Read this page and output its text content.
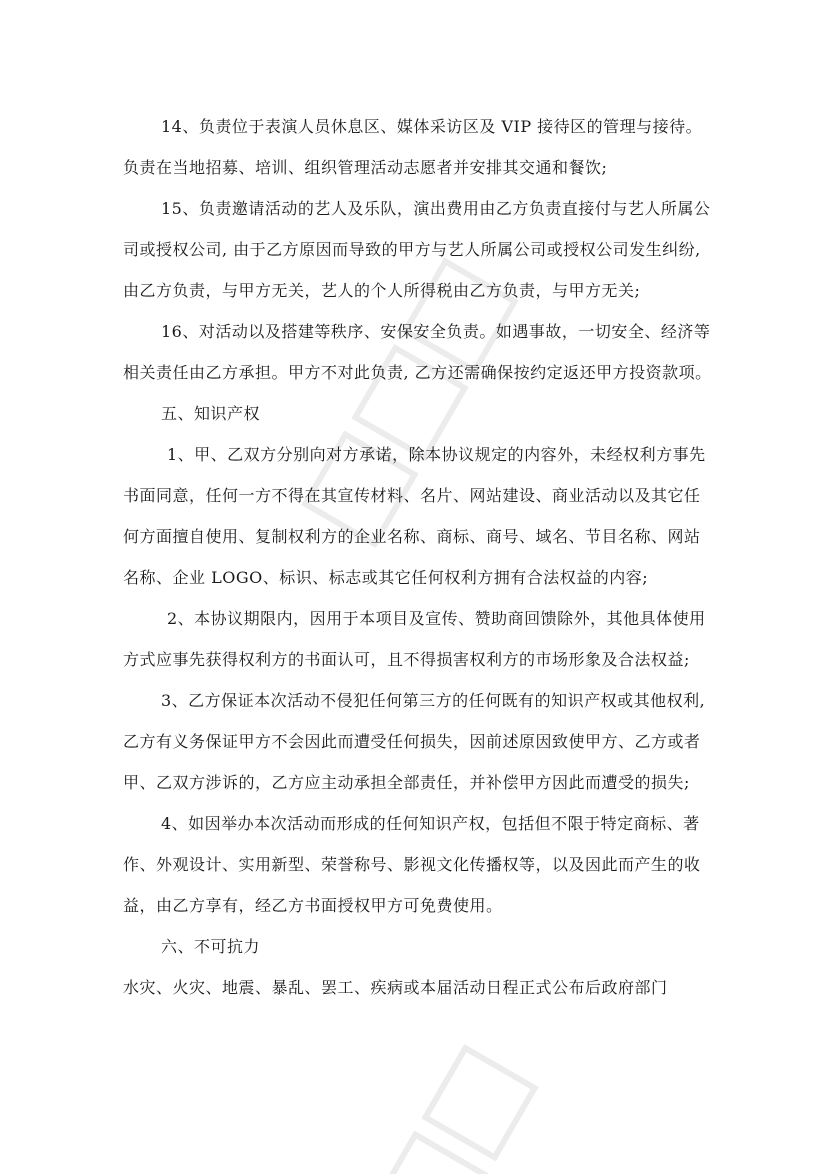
14、负责位于表演人员休息区、媒体采访区及 VIP 接待区的管理与接待。
负责在当地招募、培训、组织管理活动志愿者并安排其交通和餐饮;
15、负责邀请活动的艺人及乐队，演出费用由乙方负责直接付与艺人所属公
司或授权公司, 由于乙方原因而导致的甲方与艺人所属公司或授权公司发生纠纷,
由乙方负责，与甲方无关，艺人的个人所得税由乙方负责，与甲方无关;
16、对活动以及搭建等秩序、安保安全负责。如遇事故，一切安全、经济等
相关责任由乙方承担。甲方不对此负责, 乙方还需确保按约定返还甲方投资款项。
五、知识产权
1、甲、乙双方分别向对方承诺，除本协议规定的内容外，未经权利方事先
书面同意，任何一方不得在其宣传材料、名片、网站建设、商业活动以及其它任
何方面擅自使用、复制权利方的企业名称、商标、商号、域名、节目名称、网站
名称、企业 LOGO、标识、标志或其它任何权利方拥有合法权益的内容;
2、本协议期限内，因用于本项目及宣传、赞助商回馈除外，其他具体使用
方式应事先获得权利方的书面认可，且不得损害权利方的市场形象及合法权益;
3、乙方保证本次活动不侵犯任何第三方的任何既有的知识产权或其他权利,
乙方有义务保证甲方不会因此而遭受任何损失，因前述原因致使甲方、乙方或者
甲、乙双方涉诉的，乙方应主动承担全部责任，并补偿甲方因此而遭受的损失;
4、如因举办本次活动而形成的任何知识产权，包括但不限于特定商标、著
作、外观设计、实用新型、荣誉称号、影视文化传播权等，以及因此而产生的收
益，由乙方享有，经乙方书面授权甲方可免费使用。
六、不可抗力
水灾、火灾、地震、暴乱、罢工、疾病或本届活动日程正式公布后政府部门
